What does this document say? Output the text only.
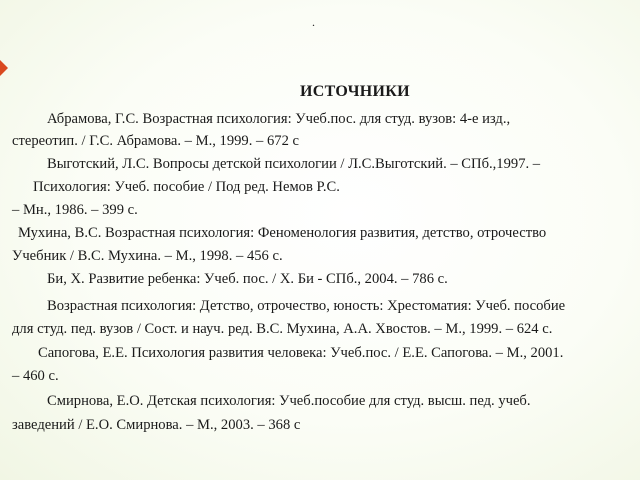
.
ИСТОЧНИКИ
Абрамова, Г.С. Возрастная психология: Учеб.пос. для студ. вузов: 4-е изд.,
стереотип. / Г.С. Абрамова. – М., 1999. – 672 с
Выготский, Л.С. Вопросы детской психологии / Л.С.Выготский. – СПб.,1997. –
Психология: Учеб. пособие / Под ред. Немов Р.С.
– Мн., 1986. – 399 с.
Мухина, В.С. Возрастная психология: Феноменология развития, детство, отрочество
Учебник / В.С. Мухина. – М., 1998. – 456 с.
Би, Х. Развитие ребенка: Учеб. пос. / Х. Би - СПб., 2004. – 786 с.
Возрастная психология: Детство, отрочество, юность: Хрестоматия: Учеб. пособие
для студ. пед. вузов / Сост. и науч. ред. В.С. Мухина, А.А. Хвостов. – М., 1999. – 624 с.
Сапогова, Е.Е. Психология развития человека: Учеб.пос. / Е.Е. Сапогова. – М., 2001.
– 460 с.
Смирнова, Е.О. Детская психология: Учеб.пособие для студ. высш. пед. учеб.
заведений / Е.О. Смирнова. – М., 2003. – 368 с
